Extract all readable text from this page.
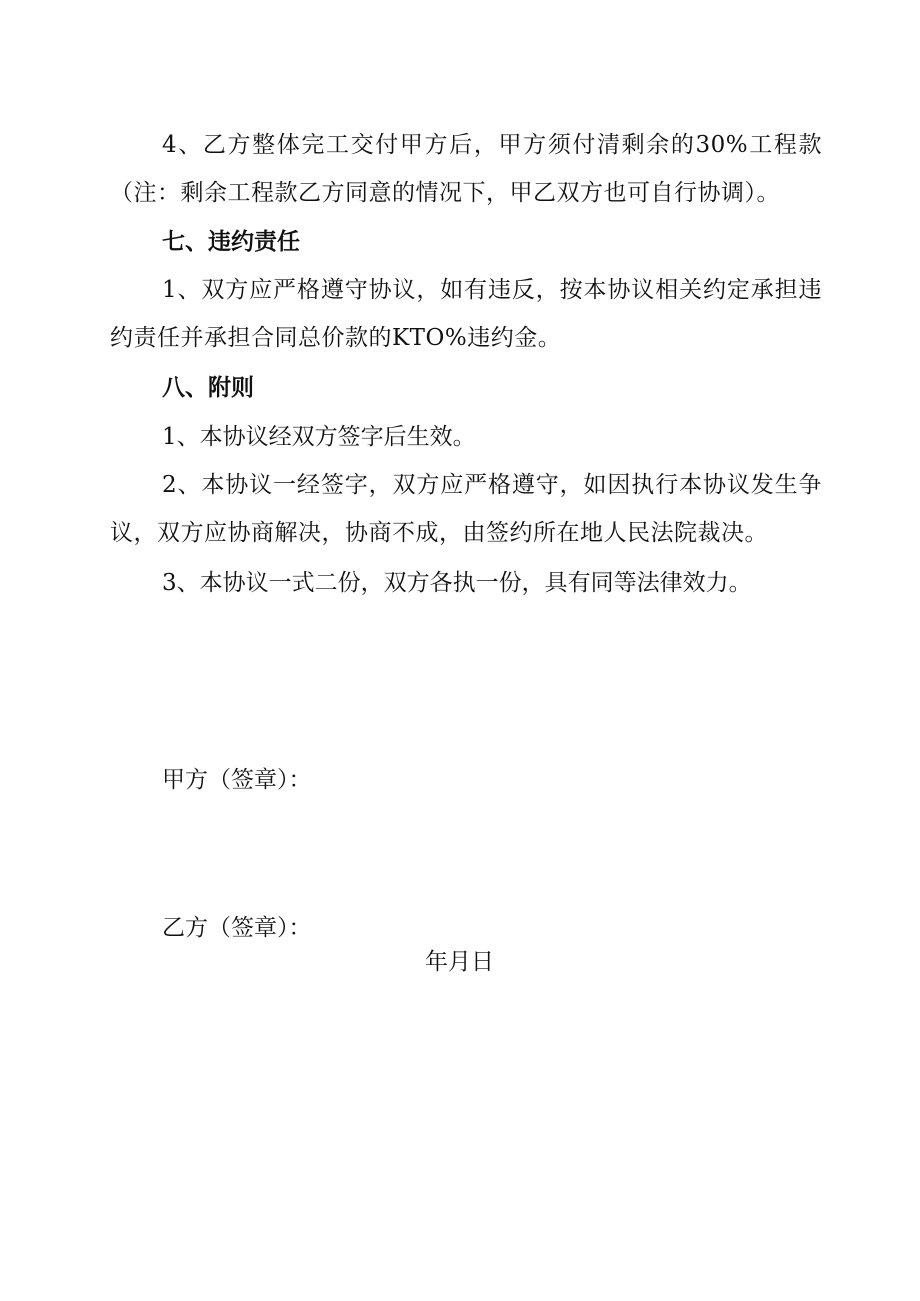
4、乙方整体完工交付甲方后，甲方须付清剩余的30%工程款（注：剩余工程款乙方同意的情况下，甲乙双方也可自行协调）。

七、违约责任

1、双方应严格遵守协议，如有违反，按本协议相关约定承担违约责任并承担合同总价款的KTO%违约金。

八、附则

1、本协议经双方签字后生效。

2、本协议一经签字，双方应严格遵守，如因执行本协议发生争议，双方应协商解决，协商不成，由签约所在地人民法院裁决。

3、本协议一式二份，双方各执一份，具有同等法律效力。

甲方（签章）：

乙方（签章）：

年月日
